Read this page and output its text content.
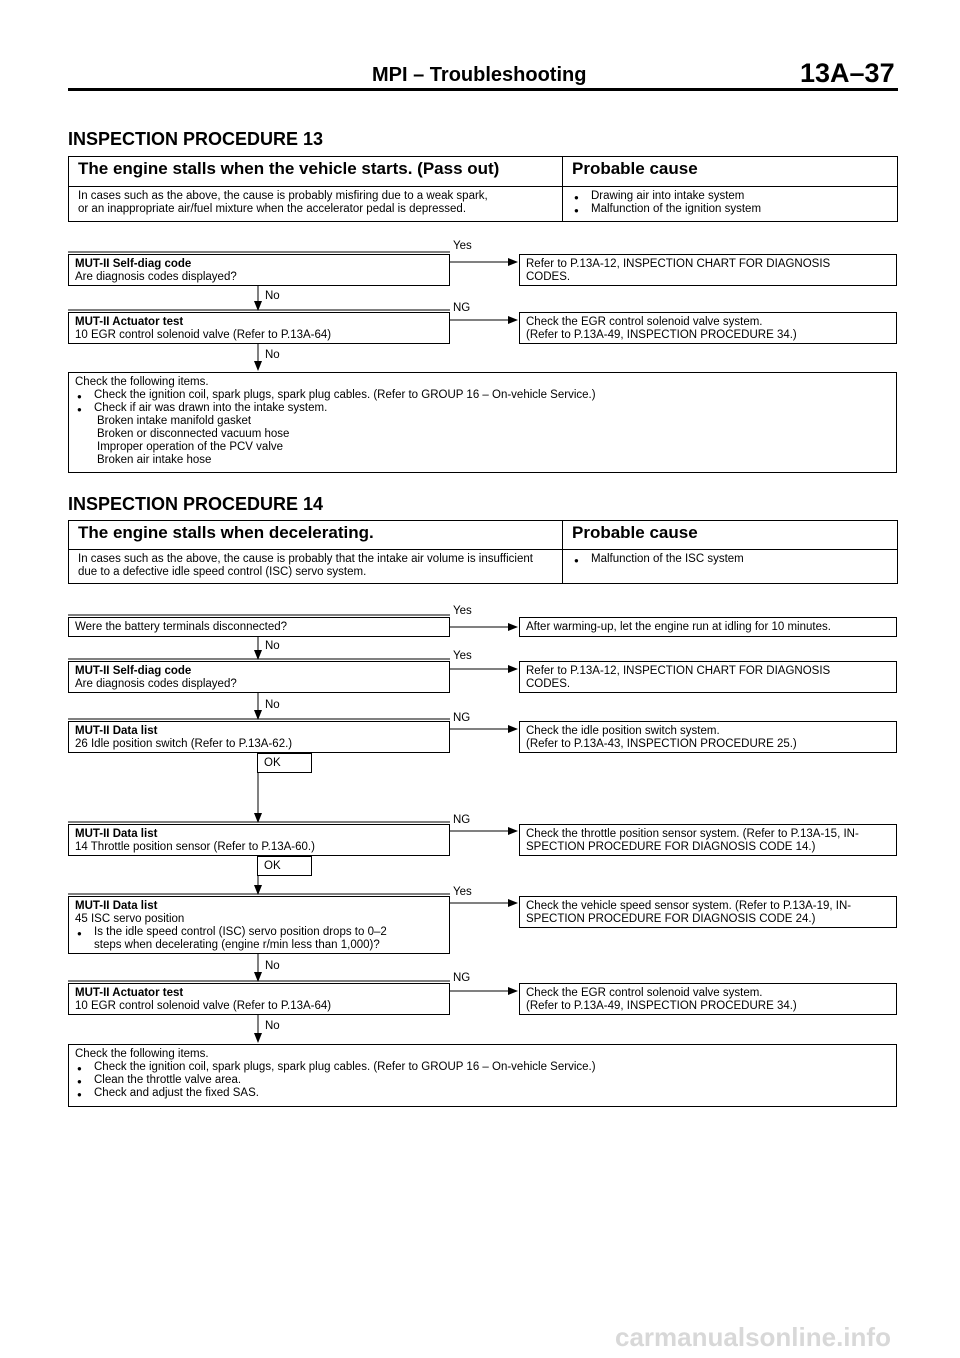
MPI – Troubleshooting	13A–37
INSPECTION PROCEDURE 13
The engine stalls when the vehicle starts. (Pass out)	Probable cause
In cases such as the above, the cause is probably misfiring due to a weak spark,
or an inappropriate air/fuel mixture when the accelerator pedal is depressed.
● Drawing air into intake system
● Malfunction of the ignition system
MUT-II Self-diag code
Are diagnosis codes displayed?
Refer to P.13A-12, INSPECTION CHART FOR DIAGNOSIS
CODES.
Yes
No
MUT-II Actuator test
10 EGR control solenoid valve (Refer to P.13A-64)
Check the EGR control solenoid valve system.
(Refer to P.13A-49, INSPECTION PROCEDURE 34.)
NG
No
Check the following items.
● Check the ignition coil, spark plugs, spark plug cables. (Refer to GROUP 16 – On-vehicle Service.)
● Check if air was drawn into the intake system.
Broken intake manifold gasket
Broken or disconnected vacuum hose
Improper operation of the PCV valve
Broken air intake hose
INSPECTION PROCEDURE 14
The engine stalls when decelerating.	Probable cause
In cases such as the above, the cause is probably that the intake air volume is insufficient
due to a defective idle speed control (ISC) servo system.
● Malfunction of the ISC system
Were the battery terminals disconnected?	After warming-up, let the engine run at idling for 10 minutes.
Yes
No
MUT-II Self-diag code
Are diagnosis codes displayed?
Refer to P.13A-12, INSPECTION CHART FOR DIAGNOSIS
CODES.
Yes
No
MUT-II Data list
26 Idle position switch (Refer to P.13A-62.)
Check the idle position switch system.
(Refer to P.13A-43, INSPECTION PROCEDURE 25.)
NG
OK
MUT-II Data list
14 Throttle position sensor (Refer to P.13A-60.)
Check the throttle position sensor system. (Refer to P.13A-15, IN-
SPECTION PROCEDURE FOR DIAGNOSIS CODE 14.)
NG
OK
MUT-II Data list
45 ISC servo position
● Is the idle speed control (ISC) servo position drops to 0–2
steps when decelerating (engine r/min less than 1,000)?
Check the vehicle speed sensor system. (Refer to P.13A-19, IN-
SPECTION PROCEDURE FOR DIAGNOSIS CODE 24.)
Yes
No
MUT-II Actuator test
10 EGR control solenoid valve (Refer to P.13A-64)
Check the EGR control solenoid valve system.
(Refer to P.13A-49, INSPECTION PROCEDURE 34.)
NG
No
Check the following items.
● Check the ignition coil, spark plugs, spark plug cables. (Refer to GROUP 16 – On-vehicle Service.)
● Clean the throttle valve area.
● Check and adjust the fixed SAS.
carmanualsonline.info
